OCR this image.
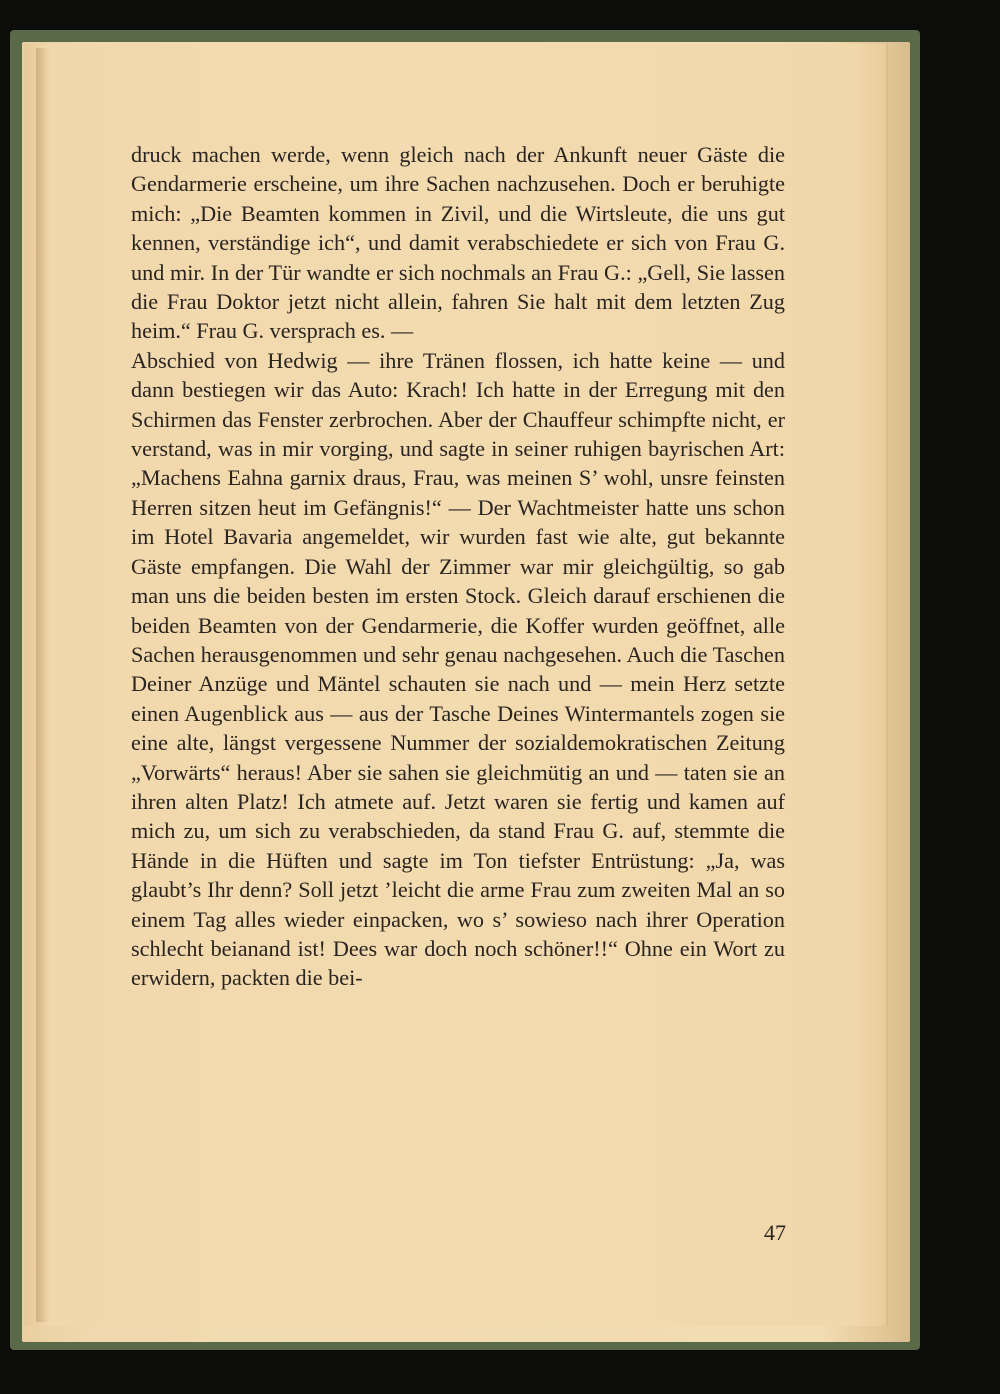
druck machen werde, wenn gleich nach der Ankunft neuer Gäste die Gendarmerie erscheine, um ihre Sachen nachzusehen. Doch er beruhigte mich: „Die Beamten kommen in Zivil, und die Wirtsleute, die uns gut kennen, verständige ich“, und damit verabschiedete er sich von Frau G. und mir. In der Tür wandte er sich nochmals an Frau G.: „Gell, Sie lassen die Frau Doktor jetzt nicht allein, fahren Sie halt mit dem letzten Zug heim.“ Frau G. versprach es. —

Abschied von Hedwig — ihre Tränen flossen, ich hatte keine — und dann bestiegen wir das Auto: Krach! Ich hatte in der Erregung mit den Schirmen das Fenster zerbrochen. Aber der Chauffeur schimpfte nicht, er verstand, was in mir vorging, und sagte in seiner ruhigen bayrischen Art: „Machens Eahna garnix draus, Frau, was meinen S’ wohl, unsre feinsten Herren sitzen heut im Gefängnis!“ — Der Wachtmeister hatte uns schon im Hotel Bavaria angemeldet, wir wurden fast wie alte, gut bekannte Gäste empfangen. Die Wahl der Zimmer war mir gleichgültig, so gab man uns die beiden besten im ersten Stock. Gleich darauf erschienen die beiden Beamten von der Gendarmerie, die Koffer wurden geöffnet, alle Sachen herausgenommen und sehr genau nachgesehen. Auch die Taschen Deiner Anzüge und Mäntel schauten sie nach und — mein Herz setzte einen Augenblick aus — aus der Tasche Deines Wintermantels zogen sie eine alte, längst vergessene Nummer der sozialdemokratischen Zeitung „Vorwärts“ heraus! Aber sie sahen sie gleichmütig an und — taten sie an ihren alten Platz! Ich atmete auf. Jetzt waren sie fertig und kamen auf mich zu, um sich zu verabschieden, da stand Frau G. auf, stemmte die Hände in die Hüften und sagte im Ton tiefster Entrüstung: „Ja, was glaubt’s Ihr denn? Soll jetzt ’leicht die arme Frau zum zweiten Mal an so einem Tag alles wieder einpacken, wo s’ sowieso nach ihrer Operation schlecht beianand ist! Dees war doch noch schöner!!“ Ohne ein Wort zu erwidern, packten die bei-

47
